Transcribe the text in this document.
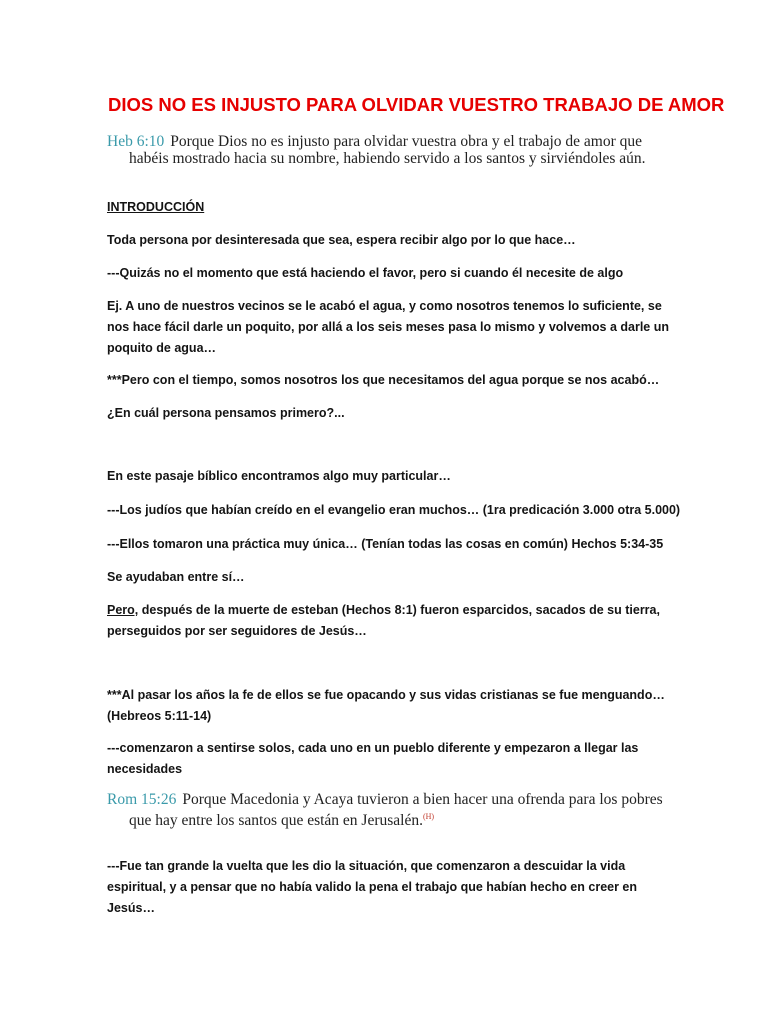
DIOS NO ES INJUSTO PARA OLVIDAR VUESTRO TRABAJO DE AMOR
Heb 6:10 Porque Dios no es injusto para olvidar vuestra obra y el trabajo de amor que
habéis mostrado hacia su nombre, habiendo servido a los santos y sirviéndoles aún.
INTRODUCCIÓN
Toda persona por desinteresada que sea, espera recibir algo por lo que hace…
---Quizás no el momento que está haciendo el favor, pero si cuando él necesite de algo
Ej. A uno de nuestros vecinos se le acabó el agua, y como nosotros tenemos lo suficiente, se nos hace fácil darle un poquito, por allá a los seis meses pasa lo mismo y volvemos a darle un poquito de agua…
***Pero con el tiempo, somos nosotros los que necesitamos del agua porque se nos acabó…
¿En cuál persona pensamos primero?...
En este pasaje bíblico encontramos algo muy particular…
---Los judíos que habían creído en el evangelio eran muchos… (1ra predicación 3.000 otra 5.000)
---Ellos tomaron una práctica muy única… (Tenían todas las cosas en común) Hechos 5:34-35
Se ayudaban entre sí…
Pero, después de la muerte de esteban (Hechos 8:1) fueron esparcidos, sacados de su tierra, perseguidos por ser seguidores de Jesús…
***Al pasar los años la fe de ellos se fue opacando y sus vidas cristianas se fue menguando… (Hebreos 5:11-14)
---comenzaron a sentirse solos, cada uno en un pueblo diferente y empezaron a llegar las necesidades
Rom 15:26 Porque Macedonia y Acaya tuvieron a bien hacer una ofrenda para los pobres
que hay entre los santos que están en Jerusalén.$^{(H)}$
---Fue tan grande la vuelta que les dio la situación, que comenzaron a descuidar la vida espiritual, y a pensar que no había valido la pena el trabajo que habían hecho en creer en Jesús…
